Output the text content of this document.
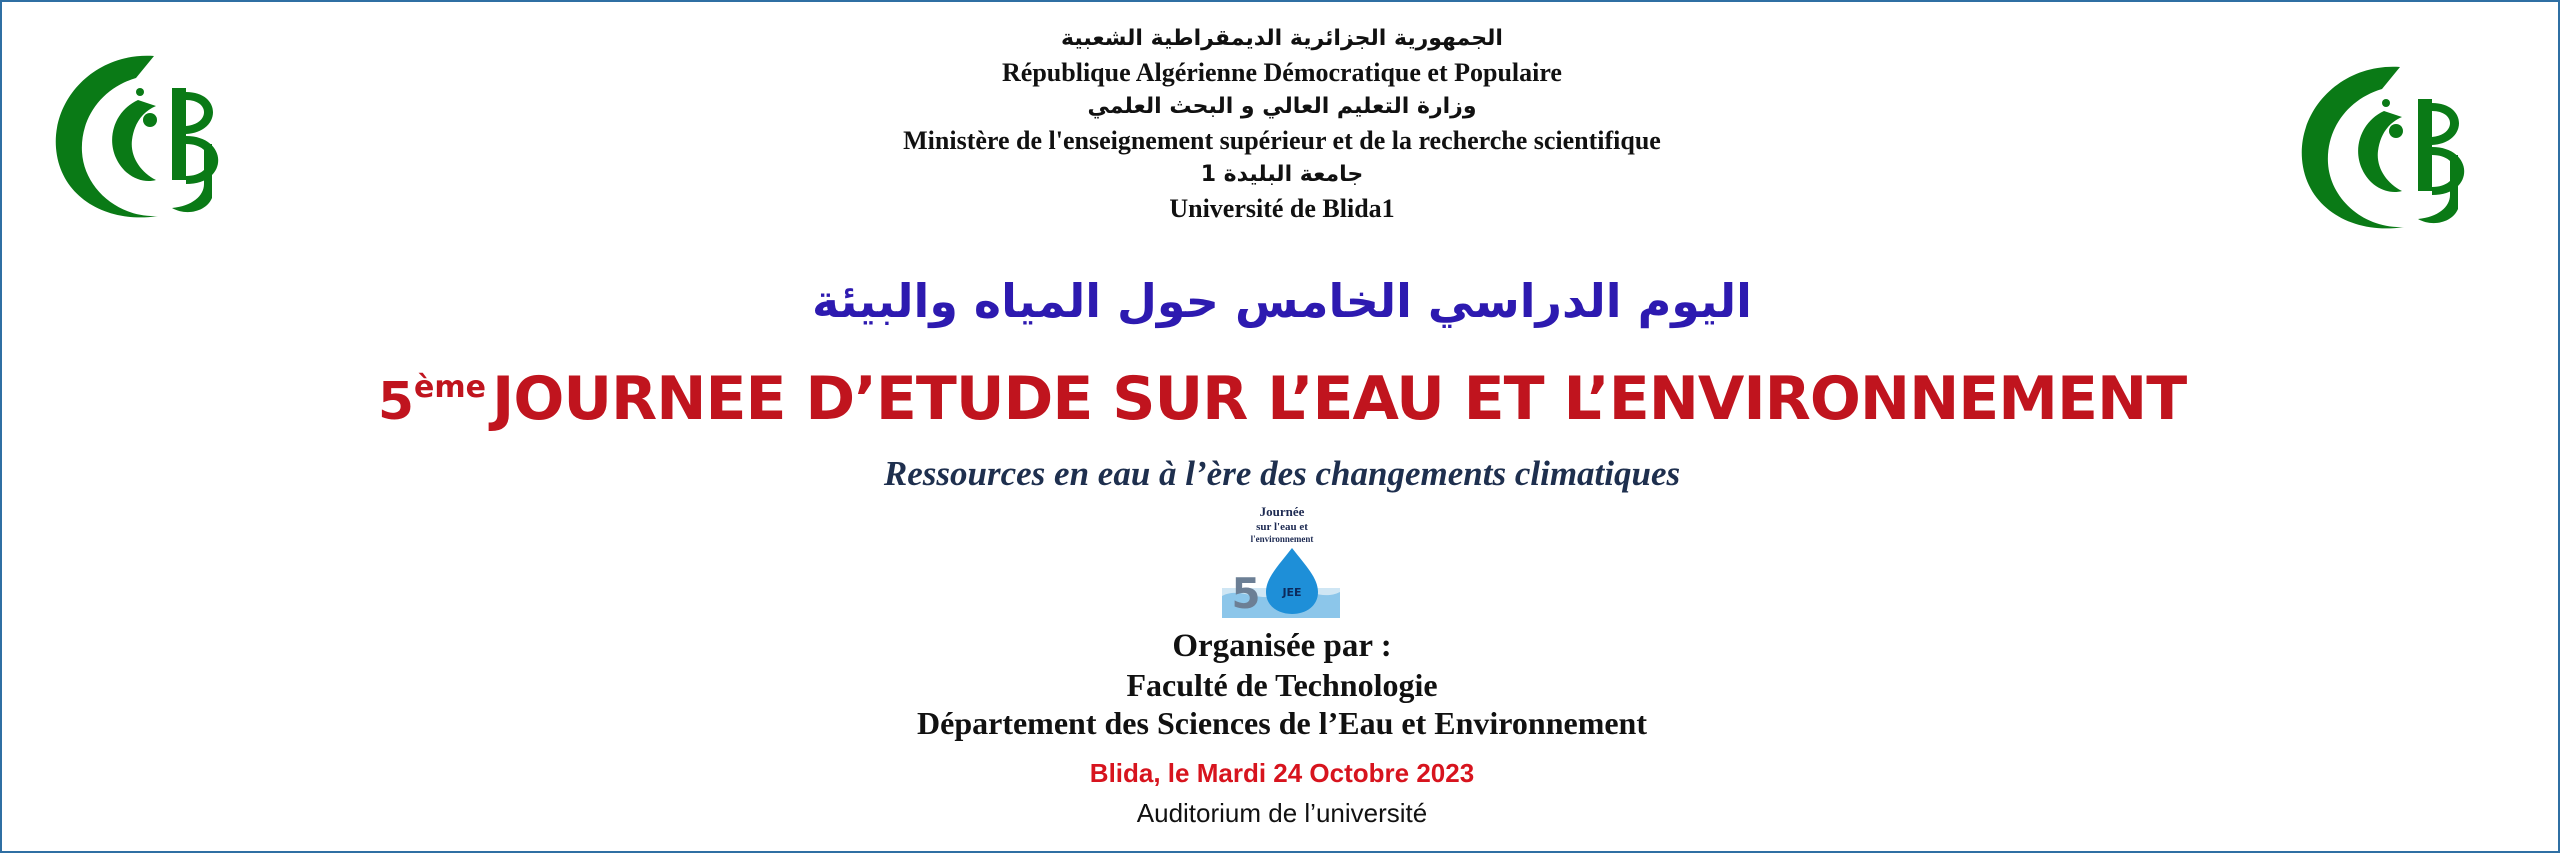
الجمهورية الجزائرية الديمقراطية الشعبية
République Algérienne Démocratique et Populaire
وزارة التعليم العالي و البحث العلمي
Ministère de l'enseignement supérieur et de la recherche scientifique
جامعة البليدة 1
Université de Blida1
اليوم الدراسي الخامس حول المياه والبيئة
5ème JOURNEE D’ETUDE SUR L’EAU ET L’ENVIRONNEMENT
Ressources en eau à l’ère des changements climatiques
Journée
sur l'eau et
l'environnement
5 JEE
Organisée par :
Faculté de Technologie
Département des Sciences de l’Eau et Environnement
Blida, le Mardi 24 Octobre 2023
Auditorium de l’université
